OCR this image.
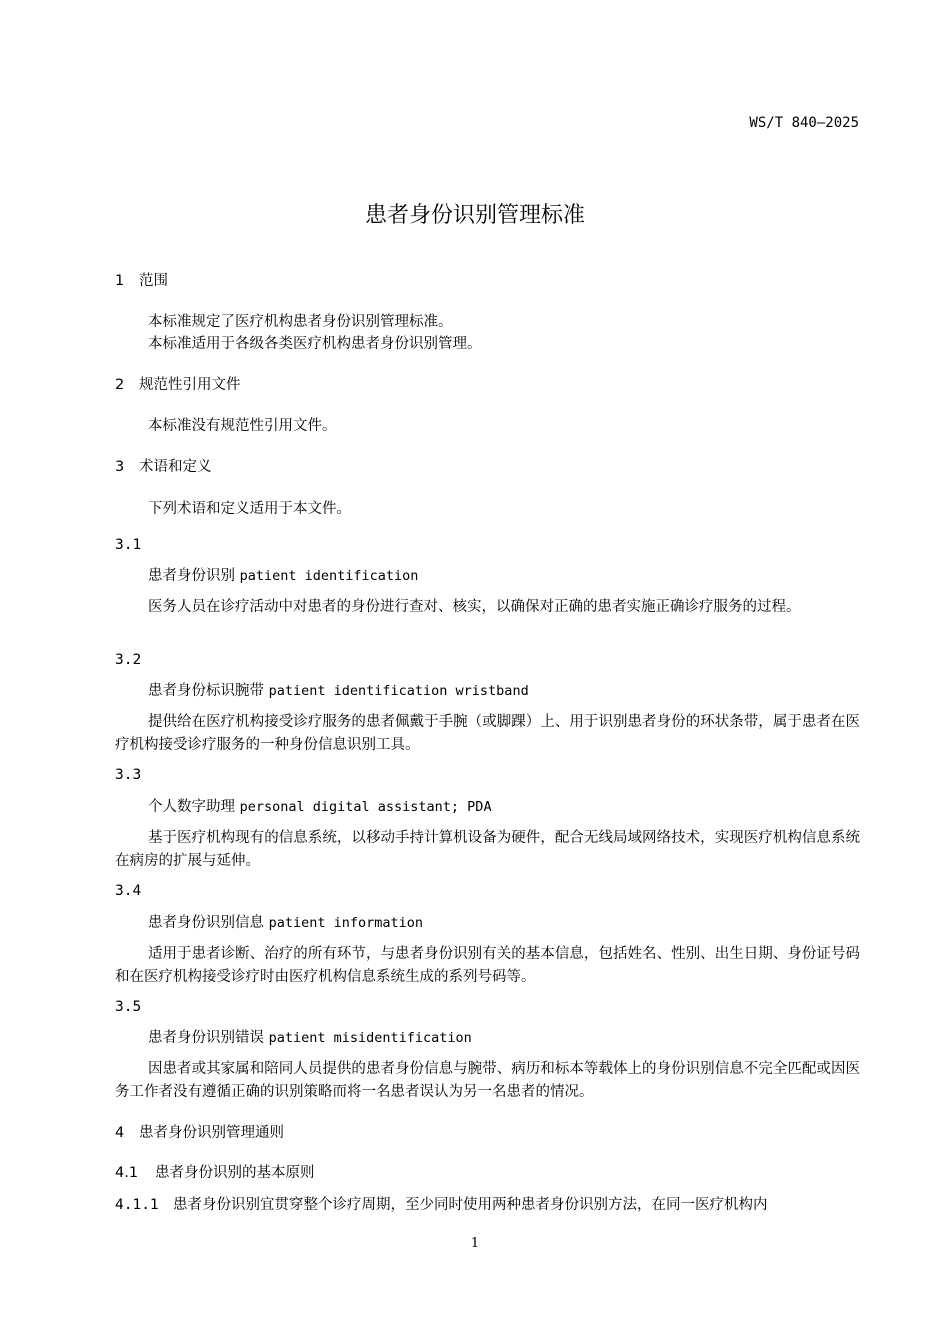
WS/T 840—2025
患者身份识别管理标准
1 范围
本标准规定了医疗机构患者身份识别管理标准。
本标准适用于各级各类医疗机构患者身份识别管理。
2 规范性引用文件
本标准没有规范性引用文件。
3 术语和定义
下列术语和定义适用于本文件。
3.1
患者身份识别 patient identification
医务人员在诊疗活动中对患者的身份进行查对、核实，以确保对正确的患者实施正确诊疗服务的过程。
3.2
患者身份标识腕带 patient identification wristband
提供给在医疗机构接受诊疗服务的患者佩戴于手腕（或脚踝）上、用于识别患者身份的环状条带，属于患者在医疗机构接受诊疗服务的一种身份信息识别工具。
3.3
个人数字助理 personal digital assistant; PDA
基于医疗机构现有的信息系统，以移动手持计算机设备为硬件，配合无线局域网络技术，实现医疗机构信息系统在病房的扩展与延伸。
3.4
患者身份识别信息 patient information
适用于患者诊断、治疗的所有环节，与患者身份识别有关的基本信息，包括姓名、性别、出生日期、身份证号码和在医疗机构接受诊疗时由医疗机构信息系统生成的系列号码等。
3.5
患者身份识别错误 patient misidentification
因患者或其家属和陪同人员提供的患者身份信息与腕带、病历和标本等载体上的身份识别信息不完全匹配或因医务工作者没有遵循正确的识别策略而将一名患者误认为另一名患者的情况。
4 患者身份识别管理通则
4.1 患者身份识别的基本原则
4.1.1 患者身份识别宜贯穿整个诊疗周期，至少同时使用两种患者身份识别方法，在同一医疗机构内
1
